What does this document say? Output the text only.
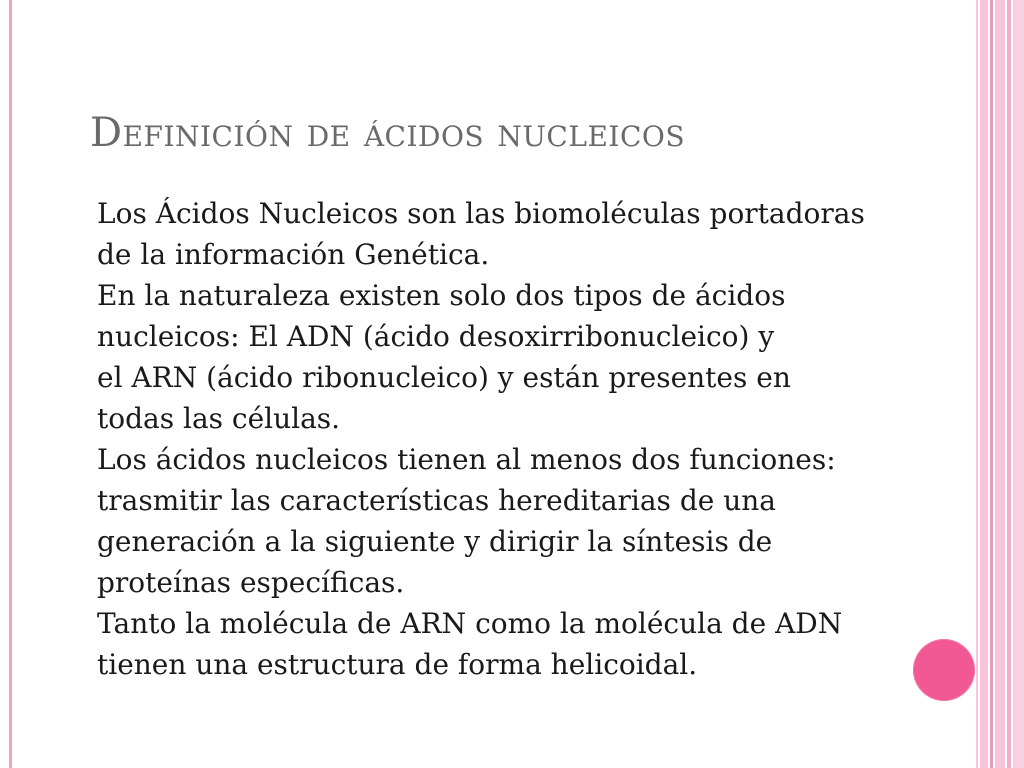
Definición de ácidos nucleicos
Los Ácidos Nucleicos son las biomoléculas portadoras
de la información Genética.
En la naturaleza existen solo dos tipos de ácidos
nucleicos: El ADN (ácido desoxirribonucleico) y
el ARN (ácido ribonucleico) y están presentes en
todas las células.
Los ácidos nucleicos tienen al menos dos funciones:
trasmitir las características hereditarias de una
generación a la siguiente y dirigir la síntesis de
proteínas específicas.
Tanto la molécula de ARN como la molécula de ADN
tienen una estructura de forma helicoidal.
